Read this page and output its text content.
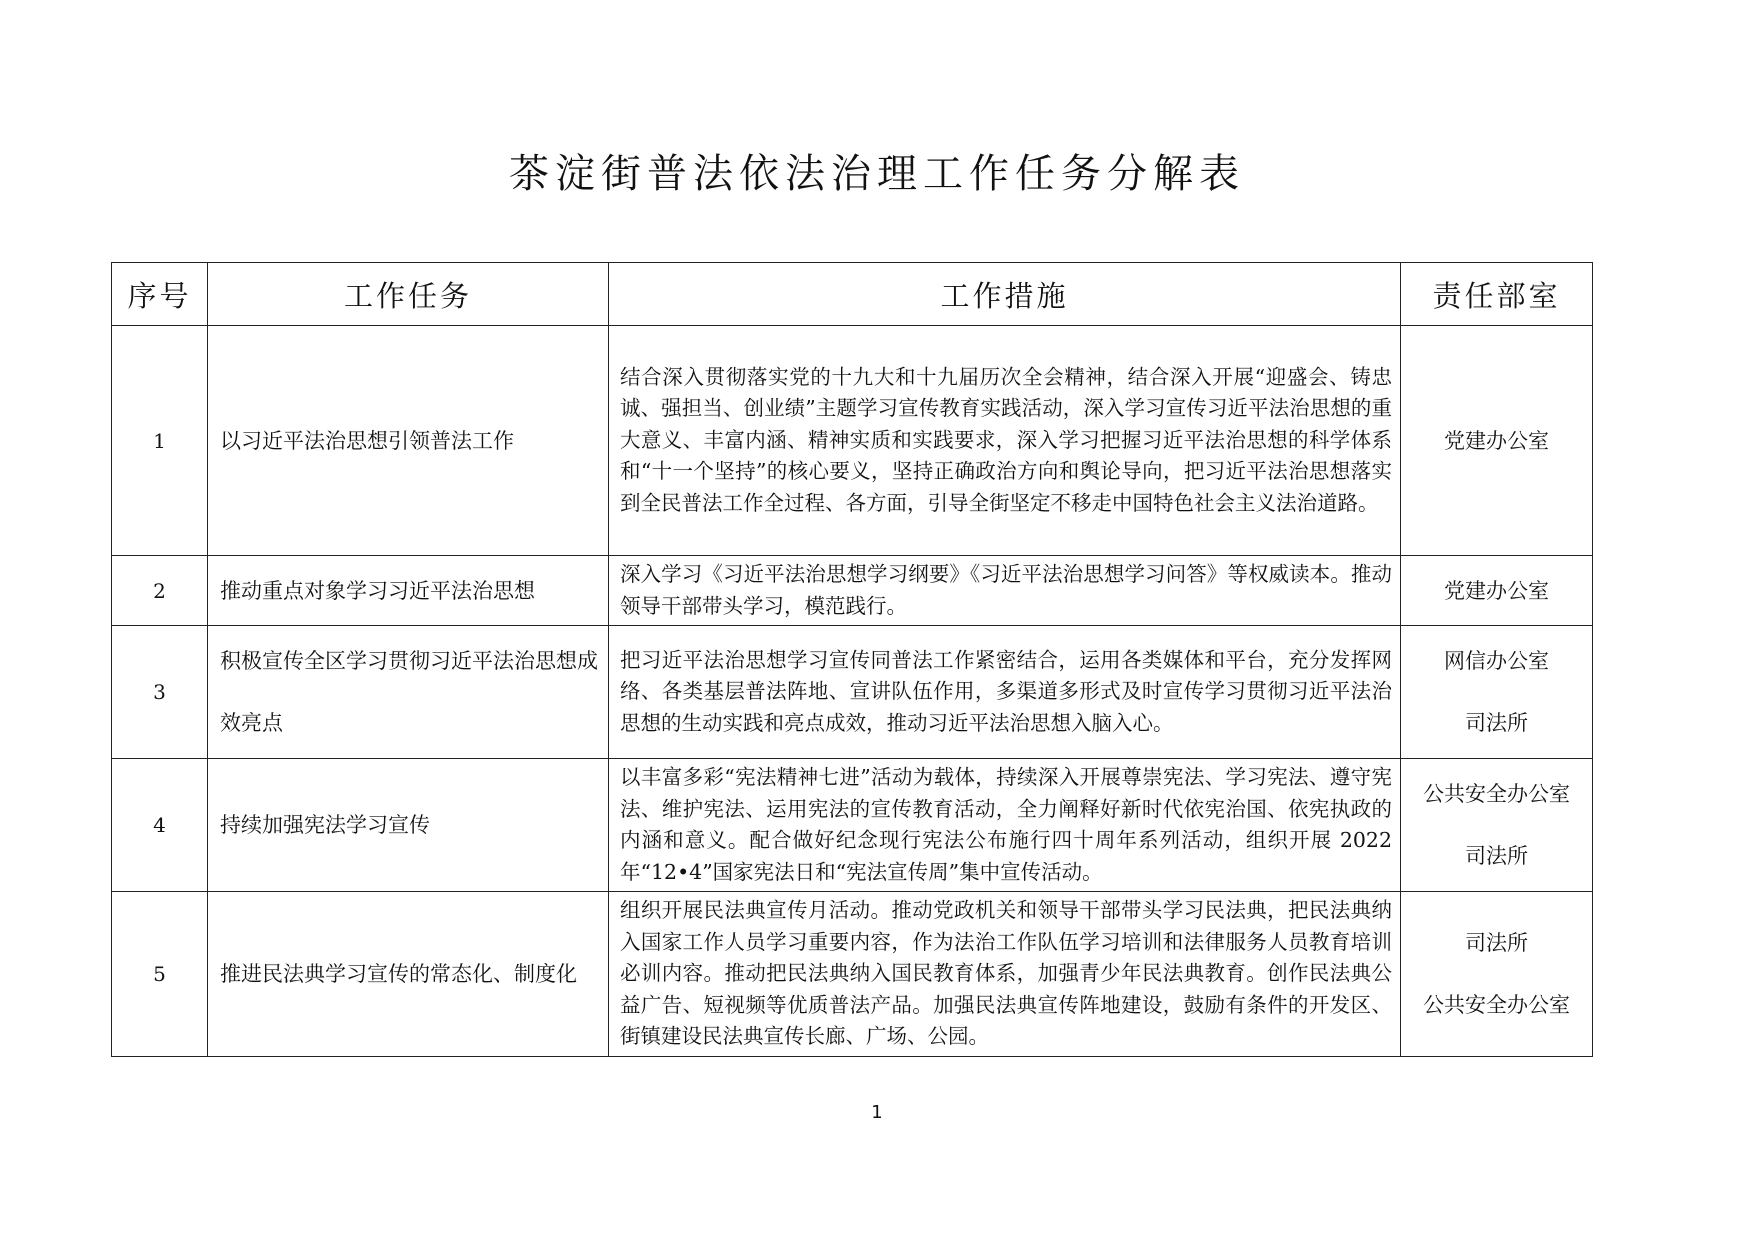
茶淀街普法依法治理工作任务分解表
序号	工作任务	工作措施	责任部室
1	以习近平法治思想引领普法工作	结合深入贯彻落实党的十九大和十九届历次全会精神，结合深入开展“迎盛会、铸忠诚、强担当、创业绩”主题学习宣传教育实践活动，深入学习宣传习近平法治思想的重大意义、丰富内涵、精神实质和实践要求，深入学习把握习近平法治思想的科学体系和“十一个坚持”的核心要义，坚持正确政治方向和舆论导向，把习近平法治思想落实到全民普法工作全过程、各方面，引导全街坚定不移走中国特色社会主义法治道路。	党建办公室

2	推动重点对象学习习近平法治思想	深入学习《习近平法治思想学习纲要》《习近平法治思想学习问答》等权威读本。推动领导干部带头学习，模范践行。	党建办公室

3	积极宣传全区学习贯彻习近平法治思想成效亮点	把习近平法治思想学习宣传同普法工作紧密结合，运用各类媒体和平台，充分发挥网络、各类基层普法阵地、宣讲队伍作用，多渠道多形式及时宣传学习贯彻习近平法治思想的生动实践和亮点成效，推动习近平法治思想入脑入心。	网信办公室
司法所

4	持续加强宪法学习宣传	以丰富多彩“宪法精神七进”活动为载体，持续深入开展尊崇宪法、学习宪法、遵守宪法、维护宪法、运用宪法的宣传教育活动，全力阐释好新时代依宪治国、依宪执政的内涵和意义。配合做好纪念现行宪法公布施行四十周年系列活动，组织开展 2022 年“12•4”国家宪法日和“宪法宣传周”集中宣传活动。	公共安全办公室
司法所

5	推进民法典学习宣传的常态化、制度化	组织开展民法典宣传月活动。推动党政机关和领导干部带头学习民法典，把民法典纳入国家工作人员学习重要内容，作为法治工作队伍学习培训和法律服务人员教育培训必训内容。推动把民法典纳入国民教育体系，加强青少年民法典教育。创作民法典公益广告、短视频等优质普法产品。加强民法典宣传阵地建设，鼓励有条件的开发区、街镇建设民法典宣传长廊、广场、公园。	司法所
公共安全办公室
1
